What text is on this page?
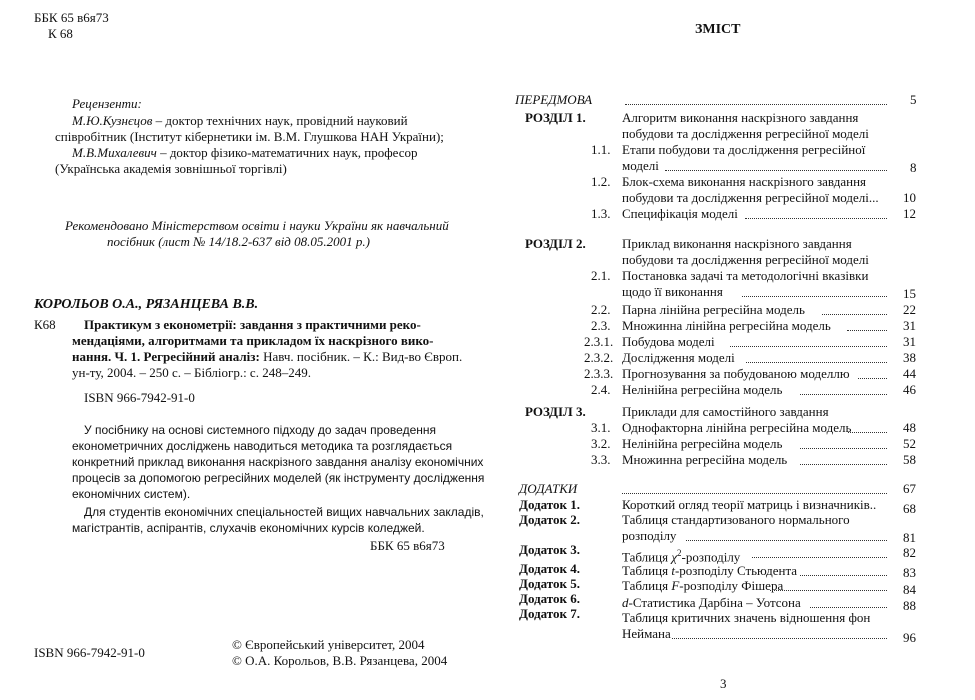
ББК 65 в6я73
К 68
Рецензенти:
М.Ю.Кузнєцов – доктор технічних наук, провідний науковий
співробітник (Інститут кібернетики ім. В.М. Глушкова НАН України);
М.В.Михалевич – доктор фізико-математичних наук, професор
(Українська академія зовнішньої торгівлі)
Рекомендовано Міністерством освіти і науки України як навчальний
посібник (лист № 14/18.2-637 від 08.05.2001 р.)
КОРОЛЬОВ О.А., РЯЗАНЦЕВА В.В.
К68 Практикум з економетрії: завдання з практичними реко-
мендаціями, алгоритмами та прикладом їх наскрізного вико-
нання. Ч. 1. Регресійний аналіз: Навч. посібник. – К.: Вид-во Європ.
ун-ту, 2004. – 250 с. – Бібліогр.: с. 248–249.
ISBN 966-7942-91-0
У посібнику на основі системного підходу до задач проведення
економетричних досліджень наводиться методика та розглядається
конкретний приклад виконання наскрізного завдання аналізу економічних
процесів за допомогою регресійних моделей (як інструменту дослідження
економічних систем).
Для студентів економічних спеціальностей вищих навчальних закладів,
магістрантів, аспірантів, слухачів економічних курсів коледжей.
ББК 65 в6я73
ISBN 966-7942-91-0
© Європейський університет, 2004
© О.А. Корольов, В.В. Рязанцева, 2004
ЗМІСТ
ПЕРЕДМОВА	5
РОЗДІЛ 1.	Алгоритм виконання наскрізного завдання
побудови та дослідження регресійної моделі
1.1. Етапи побудови та дослідження регресійної
моделі	8
1.2. Блок-схема виконання наскрізного завдання
побудови та дослідження регресійної моделі... 10
1.3. Специфікація моделі	12
РОЗДІЛ 2.	Приклад виконання наскрізного завдання
побудови та дослідження регресійної моделі
2.1. Постановка задачі та методологічні вказівки
щодо її виконання	15
2.2. Парна лінійна регресійна модель	22
2.3. Множинна лінійна регресійна модель	31
2.3.1. Побудова моделі	31
2.3.2. Дослідження моделі	38
2.3.3. Прогнозування за побудованою моделлю	44
2.4. Нелінійна регресійна модель	46
РОЗДІЛ 3.	Приклади для самостійного завдання
3.1. Однофакторна лінійна регресійна модель	48
3.2. Нелінійна регресійна модель	52
3.3. Множинна регресійна модель	58
ДОДАТКИ	67
Додаток 1.	Короткий огляд теорії матриць і визначників.. 68
Додаток 2.	Таблиця стандартизованого нормального
розподілу	81
Додаток 3.	Таблиця $\chi^2$-розподілу	82
Додаток 4.	Таблиця t-розподілу Стьюдента	83
Додаток 5.	Таблиця F-розподілу Фішера	84
Додаток 6.	d-Статистика Дарбіна – Уотсона	88
Додаток 7.	Таблиця критичних значень відношення фон
Неймана	96
3
